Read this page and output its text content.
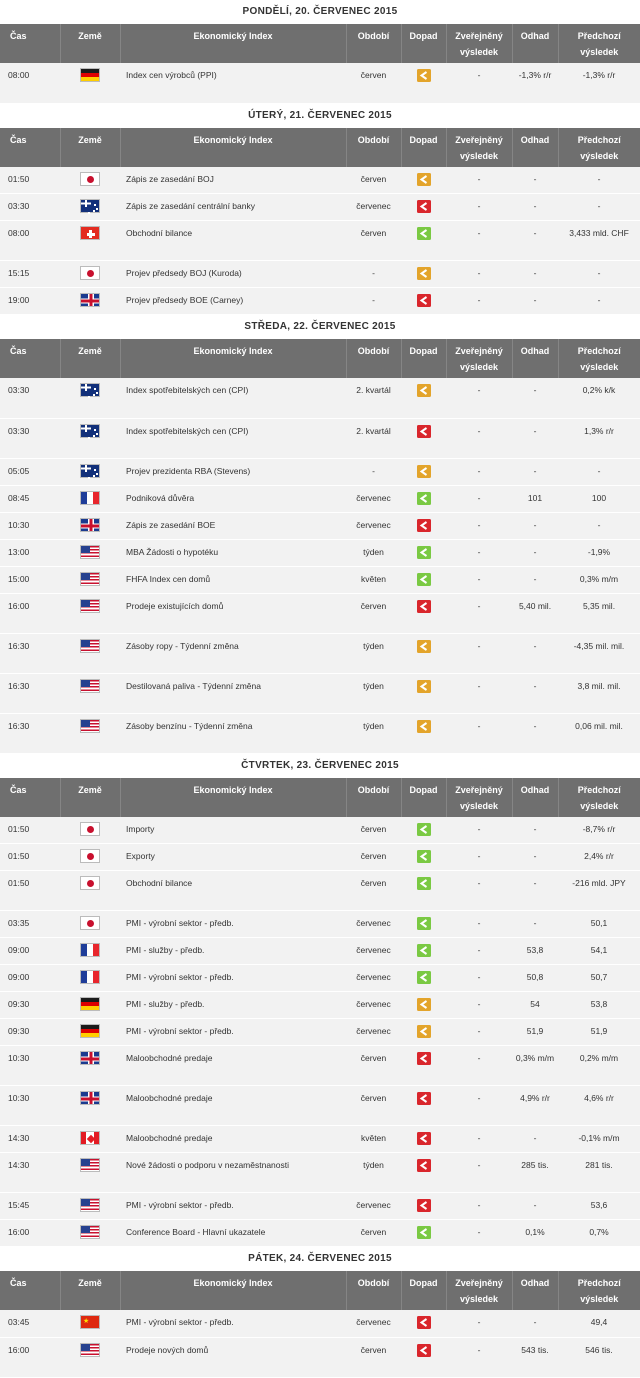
PONDĚLÍ, 20. ČERVENEC 2015
Čas	Země	Ekonomický Index	Období	Dopad	Zveřejněný výsledek	Odhad	Předchozí výsledek
08:00		Index cen výrobců (PPI)	červen		-	-1,3% r/r	-1,3% r/r
ÚTERÝ, 21. ČERVENEC 2015
Čas	Země	Ekonomický Index	Období	Dopad	Zveřejněný výsledek	Odhad	Předchozí výsledek
01:50		Zápis ze zasedání BOJ	červen		-	-	-
03:30		Zápis ze zasedání centrální banky	červenec		-	-	-
08:00		Obchodní bilance	červen		-	-	3,433 mld. CHF
15:15		Projev předsedy BOJ (Kuroda)	-		-	-	-
19:00		Projev předsedy BOE (Carney)	-		-	-	-
STŘEDA, 22. ČERVENEC 2015
Čas	Země	Ekonomický Index	Období	Dopad	Zveřejněný výsledek	Odhad	Předchozí výsledek
03:30		Index spotřebitelských cen (CPI)	2. kvartál		-	-	0,2% k/k
03:30		Index spotřebitelských cen (CPI)	2. kvartál		-	-	1,3% r/r
05:05		Projev prezidenta RBA (Stevens)	-		-	-	-
08:45		Podniková důvěra	červenec		-	101	100
10:30		Zápis ze zasedání BOE	červenec		-	-	-
13:00		MBA Žádosti o hypotéku	týden		-	-	-1,9%
15:00		FHFA Index cen domů	květen		-	-	0,3% m/m
16:00		Prodeje existujících domů	červen		-	5,40 mil.	5,35 mil.
16:30		Zásoby ropy - Týdenní změna	týden		-	-	-4,35 mil. mil.
16:30		Destilovaná paliva - Týdenní změna	týden		-	-	3,8 mil. mil.
16:30		Zásoby benzínu - Týdenní změna	týden		-	-	0,06 mil. mil.
ČTVRTEK, 23. ČERVENEC 2015
Čas	Země	Ekonomický Index	Období	Dopad	Zveřejněný výsledek	Odhad	Předchozí výsledek
01:50		Importy	červen		-	-	-8,7% r/r
01:50		Exporty	červen		-	-	2,4% r/r
01:50		Obchodní bilance	červen		-	-	-216 mld. JPY
03:35		PMI - výrobní sektor - předb.	červenec		-	-	50,1
09:00		PMI - služby - předb.	červenec		-	53,8	54,1
09:00		PMI - výrobní sektor - předb.	červenec		-	50,8	50,7
09:30		PMI - služby - předb.	červenec		-	54	53,8
09:30		PMI - výrobní sektor - předb.	červenec		-	51,9	51,9
10:30		Maloobchodné predaje	červen		-	0,3% m/m	0,2% m/m
10:30		Maloobchodné predaje	červen		-	4,9% r/r	4,6% r/r
14:30		Maloobchodné predaje	květen		-	-	-0,1% m/m
14:30		Nové žádosti o podporu v nezaměstnanosti	týden		-	285 tis.	281 tis.
15:45		PMI - výrobní sektor - předb.	červenec		-	-	53,6
16:00		Conference Board - Hlavní ukazatele	červen		-	0,1%	0,7%
PÁTEK, 24. ČERVENEC 2015
Čas	Země	Ekonomický Index	Období	Dopad	Zveřejněný výsledek	Odhad	Předchozí výsledek
03:45	★	PMI - výrobní sektor - předb.	červenec		-	-	49,4
16:00		Prodeje nových domů	červen		-	543 tis.	546 tis.
